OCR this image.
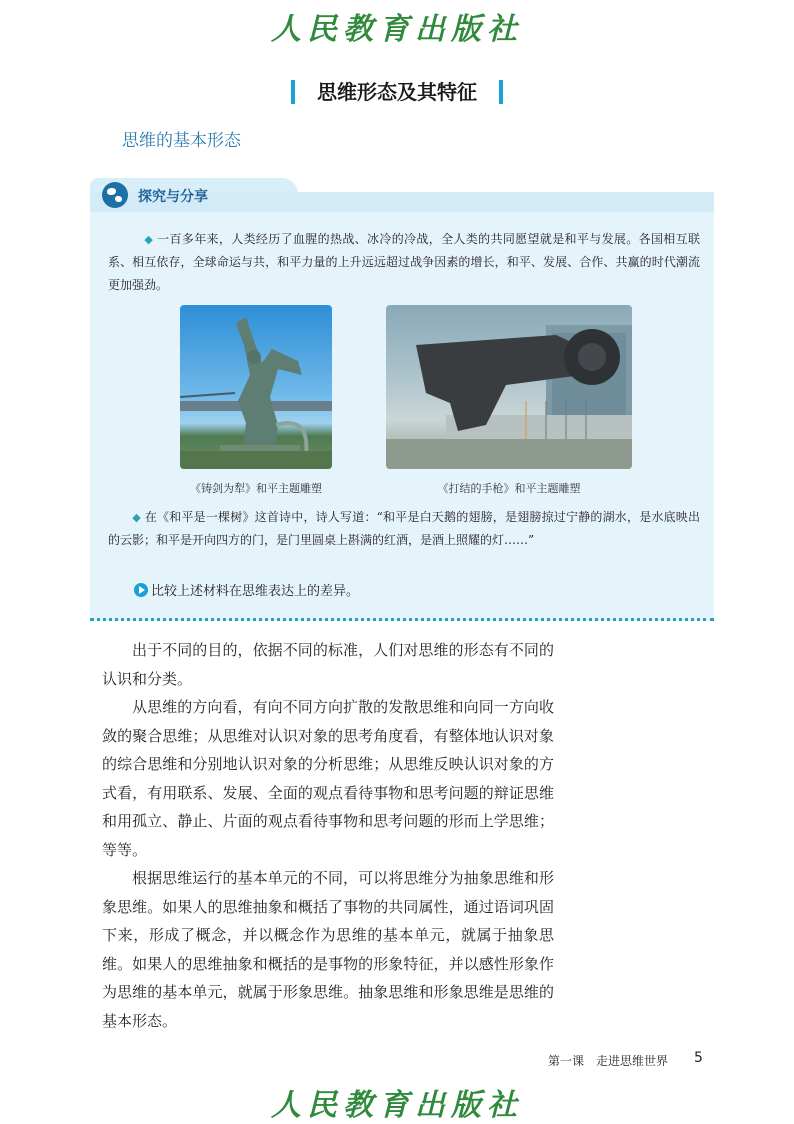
人民教育出版社
思维形态及其特征
思维的基本形态
探究与分享
◆ 一百多年来，人类经历了血腥的热战、冰冷的冷战，全人类的共同愿望就是和平与发展。各国相互联系、相互依存，全球命运与共，和平力量的上升远远超过战争因素的增长，和平、发展、合作、共赢的时代潮流更加强劲。
《铸剑为犁》和平主题雕塑	《打结的手枪》和平主题雕塑
◆ 在《和平是一棵树》这首诗中，诗人写道：“和平是白天鹅的翅膀，是翅膀掠过宁静的湖水，是水底映出的云影；和平是开向四方的门，是门里圆桌上斟满的红酒，是酒上照耀的灯……”
比较上述材料在思维表达上的差异。

出于不同的目的，依据不同的标准，人们对思维的形态有不同的认识和分类。

从思维的方向看，有向不同方向扩散的发散思维和向同一方向收敛的聚合思维；从思维对认识对象的思考角度看，有整体地认识对象的综合思维和分别地认识对象的分析思维；从思维反映认识对象的方式看，有用联系、发展、全面的观点看待事物和思考问题的辩证思维和用孤立、静止、片面的观点看待事物和思考问题的形而上学思维；等等。

根据思维运行的基本单元的不同，可以将思维分为抽象思维和形象思维。如果人的思维抽象和概括了事物的共同属性，通过语词巩固下来，形成了概念，并以概念作为思维的基本单元，就属于抽象思维。如果人的思维抽象和概括的是事物的形象特征，并以感性形象作为思维的基本单元，就属于形象思维。抽象思维和形象思维是思维的基本形态。

第一课　走进思维世界 5
人民教育出版社
